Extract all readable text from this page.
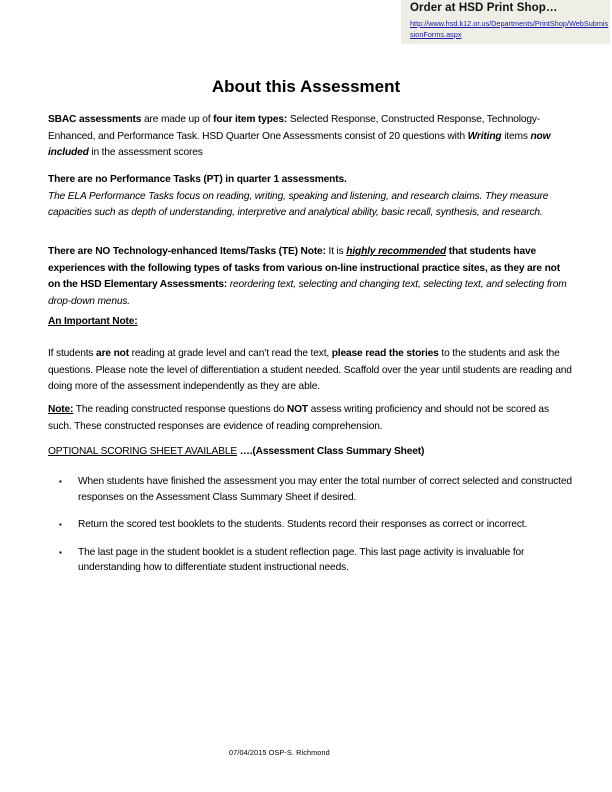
Order at HSD Print Shop…
http://www.hsd.k12.or.us/Departments/PrintShop/WebSubmissionForms.aspx
About this Assessment
SBAC assessments are made up of four item types: Selected Response, Constructed Response, Technology-Enhanced, and Performance Task. HSD Quarter One Assessments consist of 20 questions with Writing items now included in the assessment scores
There are no Performance Tasks (PT) in quarter 1 assessments.
The ELA Performance Tasks focus on reading, writing, speaking and listening, and research claims. They measure capacities such as depth of understanding, interpretive and analytical ability, basic recall, synthesis, and research.
There are NO Technology-enhanced Items/Tasks (TE) Note: It is highly recommended that students have experiences with the following types of tasks from various on-line instructional practice sites, as they are not on the HSD Elementary Assessments: reordering text, selecting and changing text, selecting text, and selecting from drop-down menus.
An Important Note:
If students are not reading at grade level and can’t read the text, please read the stories to the students and ask the questions. Please note the level of differentiation a student needed. Scaffold over the year until students are reading and doing more of the assessment independently as they are able.
Note: The reading constructed response questions do NOT assess writing proficiency and should not be scored as such. These constructed responses are evidence of reading comprehension.
OPTIONAL SCORING SHEET AVAILABLE ….(Assessment Class Summary Sheet)
▪ When students have finished the assessment you may enter the total number of correct selected and constructed responses on the Assessment Class Summary Sheet if desired.
▪ Return the scored test booklets to the students. Students record their responses as correct or incorrect.
▪ The last page in the student booklet is a student reflection page. This last page activity is invaluable for understanding how to differentiate student instructional needs.
07/04/2015 OSP-S. Richmond
